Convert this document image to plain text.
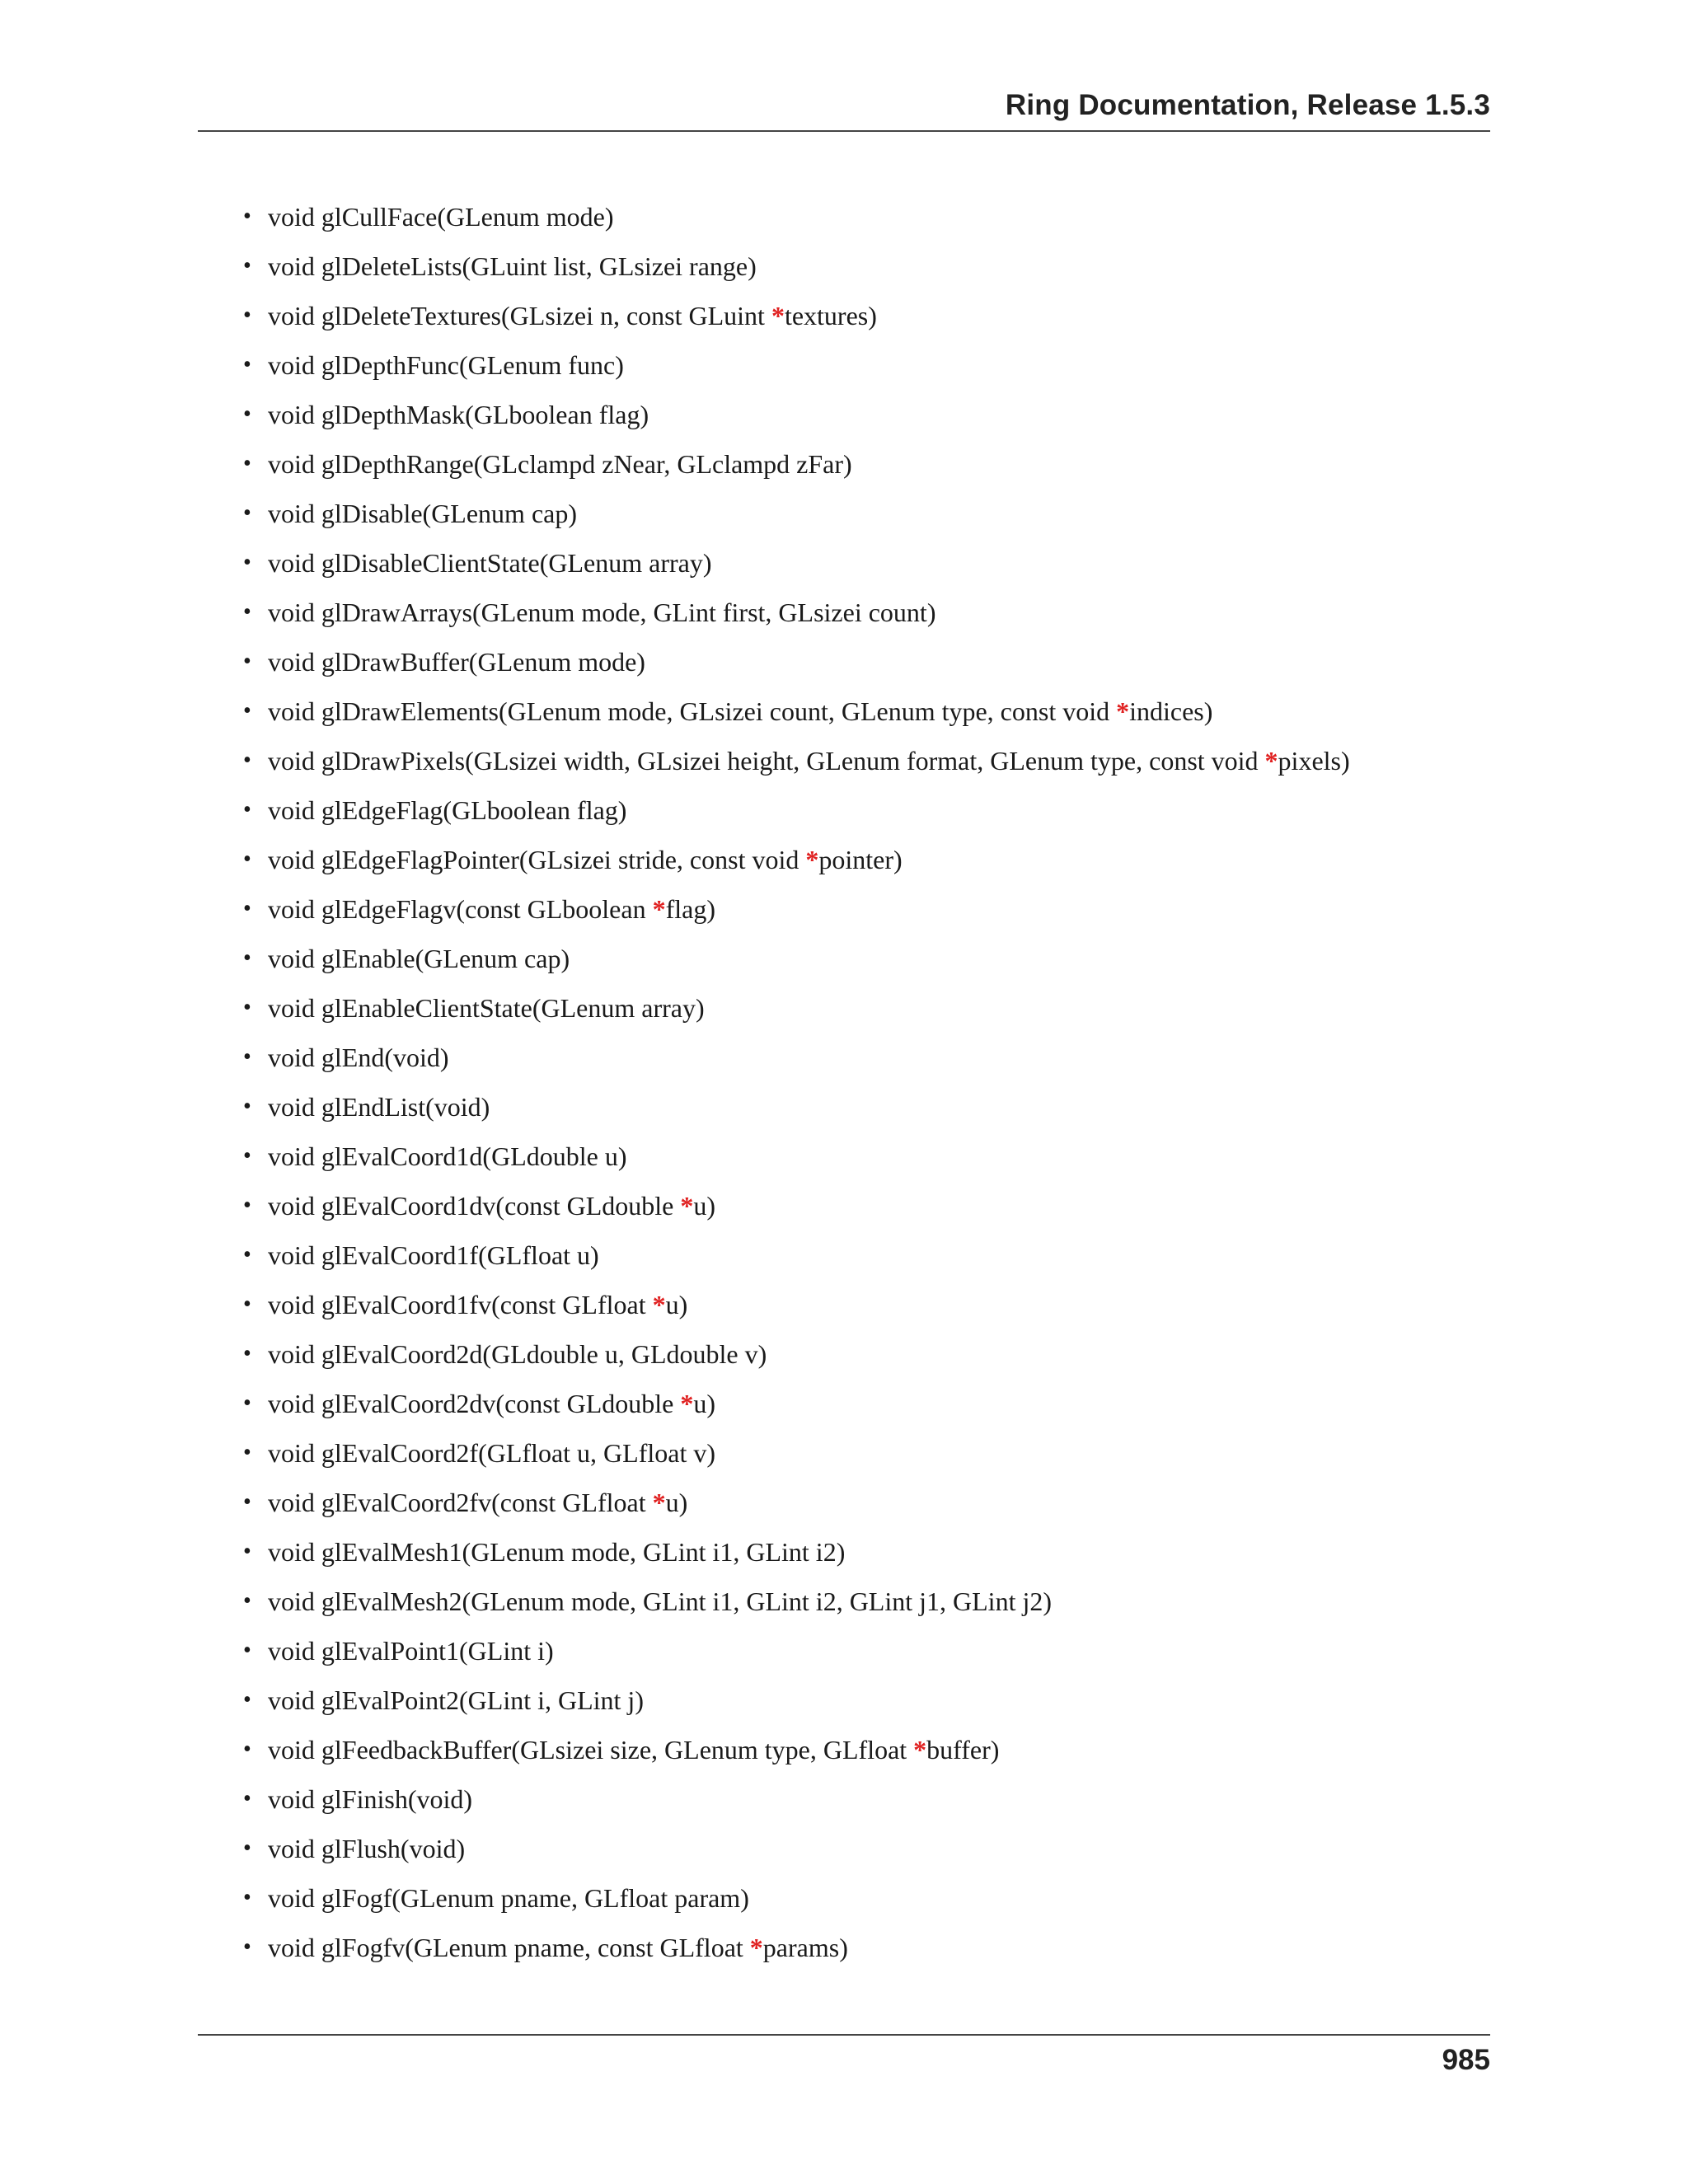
Ring Documentation, Release 1.5.3
• void glCullFace(GLenum mode)
• void glDeleteLists(GLuint list, GLsizei range)
• void glDeleteTextures(GLsizei n, const GLuint *textures)
• void glDepthFunc(GLenum func)
• void glDepthMask(GLboolean flag)
• void glDepthRange(GLclampd zNear, GLclampd zFar)
• void glDisable(GLenum cap)
• void glDisableClientState(GLenum array)
• void glDrawArrays(GLenum mode, GLint first, GLsizei count)
• void glDrawBuffer(GLenum mode)
• void glDrawElements(GLenum mode, GLsizei count, GLenum type, const void *indices)
• void glDrawPixels(GLsizei width, GLsizei height, GLenum format, GLenum type, const void *pixels)
• void glEdgeFlag(GLboolean flag)
• void glEdgeFlagPointer(GLsizei stride, const void *pointer)
• void glEdgeFlagv(const GLboolean *flag)
• void glEnable(GLenum cap)
• void glEnableClientState(GLenum array)
• void glEnd(void)
• void glEndList(void)
• void glEvalCoord1d(GLdouble u)
• void glEvalCoord1dv(const GLdouble *u)
• void glEvalCoord1f(GLfloat u)
• void glEvalCoord1fv(const GLfloat *u)
• void glEvalCoord2d(GLdouble u, GLdouble v)
• void glEvalCoord2dv(const GLdouble *u)
• void glEvalCoord2f(GLfloat u, GLfloat v)
• void glEvalCoord2fv(const GLfloat *u)
• void glEvalMesh1(GLenum mode, GLint i1, GLint i2)
• void glEvalMesh2(GLenum mode, GLint i1, GLint i2, GLint j1, GLint j2)
• void glEvalPoint1(GLint i)
• void glEvalPoint2(GLint i, GLint j)
• void glFeedbackBuffer(GLsizei size, GLenum type, GLfloat *buffer)
• void glFinish(void)
• void glFlush(void)
• void glFogf(GLenum pname, GLfloat param)
• void glFogfv(GLenum pname, const GLfloat *params)
985
